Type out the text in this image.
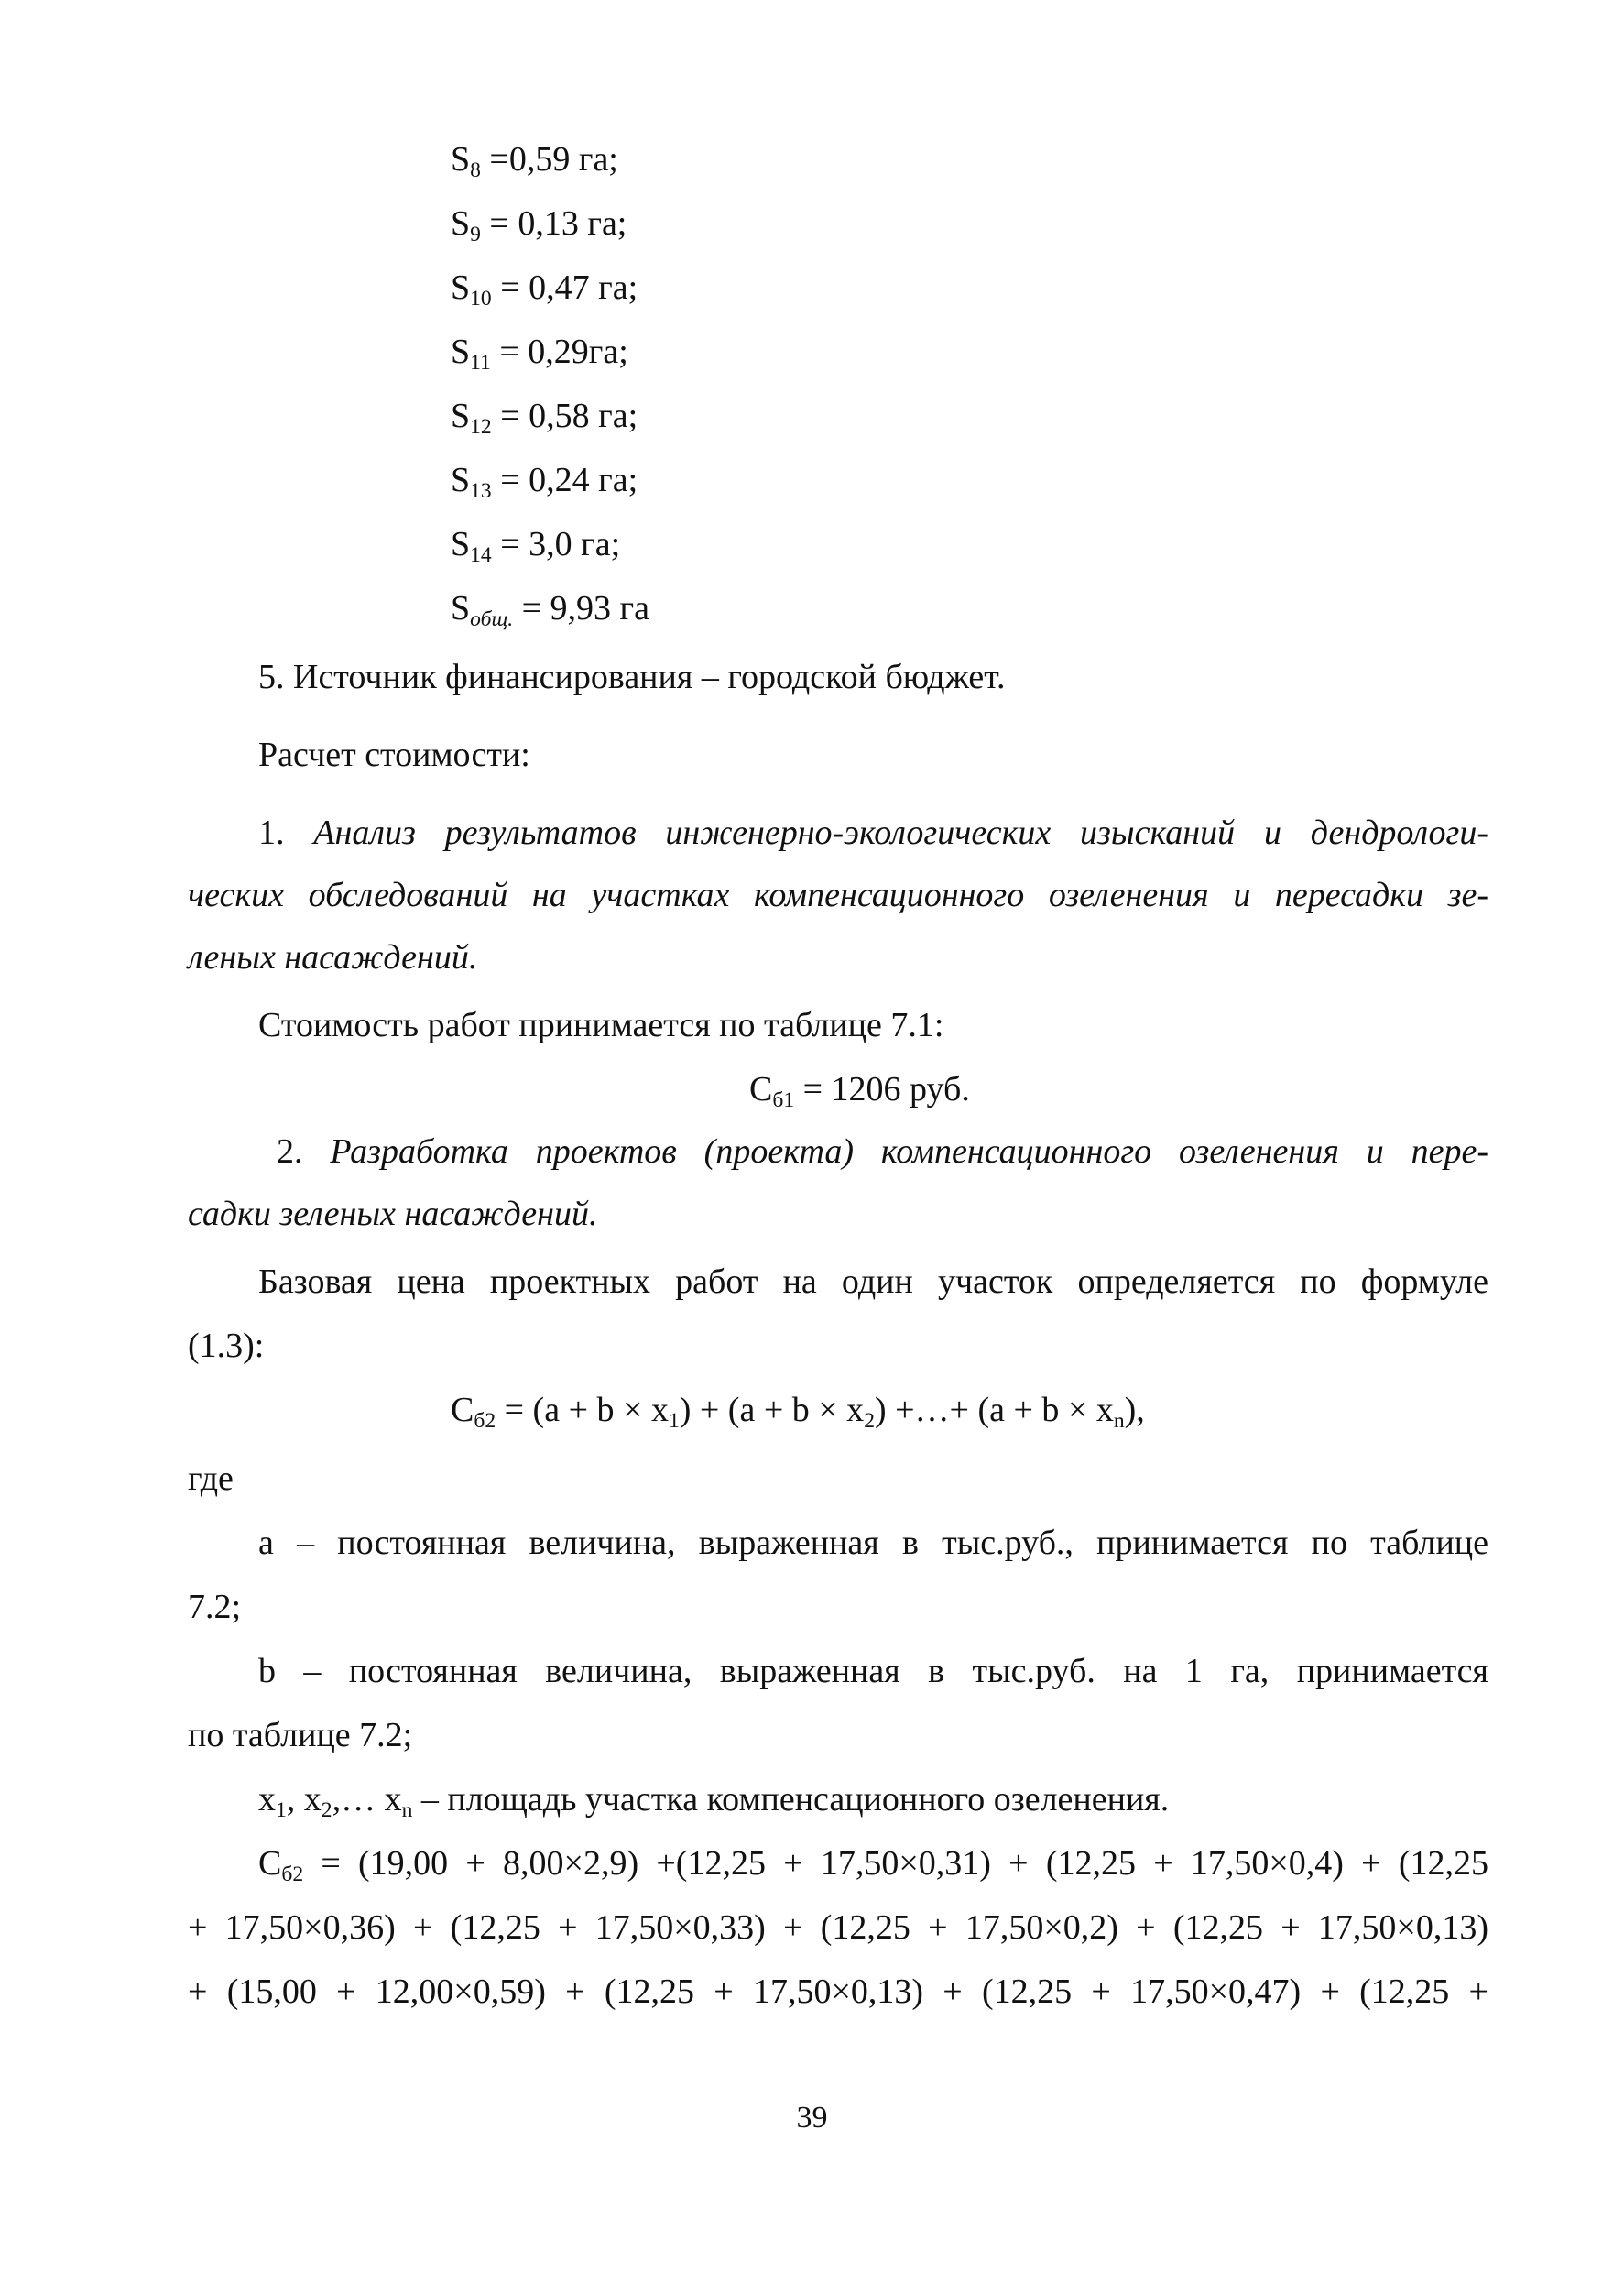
$S_8 =0,59$ га;
$S_9 = 0,13$ га;
$S_{10} = 0,47$ га;
$S_{11} = 0,29га$;
$S_{12} = 0,58$ га;
$S_{13} = 0,24$ га;
$S_{14} = 3,0$ га;
$S_{общ.} = 9,93$ га
5. Источник финансирования – городской бюджет.
Расчет стоимости:
1. Анализ результатов инженерно-экологических изысканий и дендрологи-
ческих обследований на участках компенсационного озеленения и пересадки зе-
леных насаждений.
Стоимость работ принимается по таблице 7.1:
$С_{б1} = 1206$ руб.
2. Разработка проектов (проекта) компенсационного озеленения и пере-
садки зеленых насаждений.
Базовая цена проектных работ на один участок определяется по формуле
(1.3):
$С_{б2} = (a + b \times x_1) + (a + b \times x_2)$ +…+ $(a + b \times x_n)$,
где
а – постоянная величина, выраженная в тыс.руб., принимается по таблице
7.2;
b – постоянная величина, выраженная в тыс.руб. на 1 га, принимается
по таблице 7.2;
$x_1$, $x_2,\dots$ $x_n$ – площадь участка компенсационного озеленения.
$С_{б2} = (19,00 + 8,00\times 2,9) +(12,25 + 17,50\times 0,31) + (12,25 + 17,50\times 0,4) + (12,25$
+ 17,50×0,36) + (12,25 + 17,50×0,33) + (12,25 + 17,50×0,2) + (12,25 + 17,50×0,13)
+ (15,00 + 12,00×0,59) + (12,25 + 17,50×0,13) + (12,25 + 17,50×0,47) + (12,25 +
39
